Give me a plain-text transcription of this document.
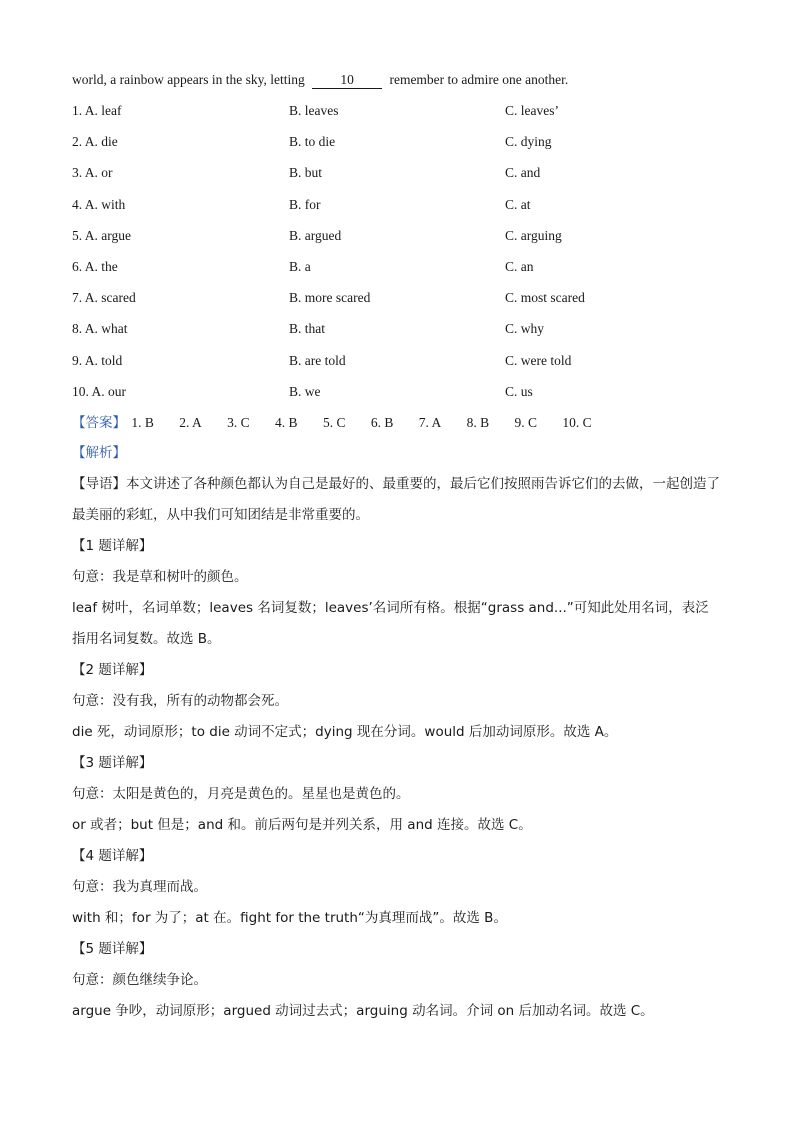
world, a rainbow appears in the sky, letting	10	remember to admire one another.
1. A. leaf	B. leaves	C. leaves’
2. A. die	B. to die	C. dying
3. A. or	B. but	C. and
4. A. with	B. for	C. at
5. A. argue	B. argued	C. arguing
6. A. the	B. a	C. an
7. A. scared	B. more scared	C. most scared
8. A. what	B. that	C. why
9. A. told	B. are told	C. were told
10. A. our	B. we	C. us
【答案】 1. B 2. A 3. C 4. B 5. C 6. B 7. A 8. B 9. C 10. C
【解析】
【导语】本文讲述了各种颜色都认为自己是最好的、最重要的，最后它们按照雨告诉它们的去做，一起创造了最美丽的彩虹，从中我们可知团结是非常重要的。
【1 题详解】
句意：我是草和树叶的颜色。
leaf 树叶，名词单数；leaves 名词复数；leaves’名词所有格。根据“grass and...”可知此处用名词，表泛指用名词复数。故选 B。
【2 题详解】
句意：没有我，所有的动物都会死。
die 死，动词原形；to die 动词不定式；dying 现在分词。would 后加动词原形。故选 A。
【3 题详解】
句意：太阳是黄色的，月亮是黄色的。星星也是黄色的。
or 或者；but 但是；and 和。前后两句是并列关系，用 and 连接。故选 C。
【4 题详解】
句意：我为真理而战。
with 和；for 为了；at 在。fight for the truth“为真理而战”。故选 B。
【5 题详解】
句意：颜色继续争论。
argue 争吵，动词原形；argued 动词过去式；arguing 动名词。介词 on 后加动名词。故选 C。
